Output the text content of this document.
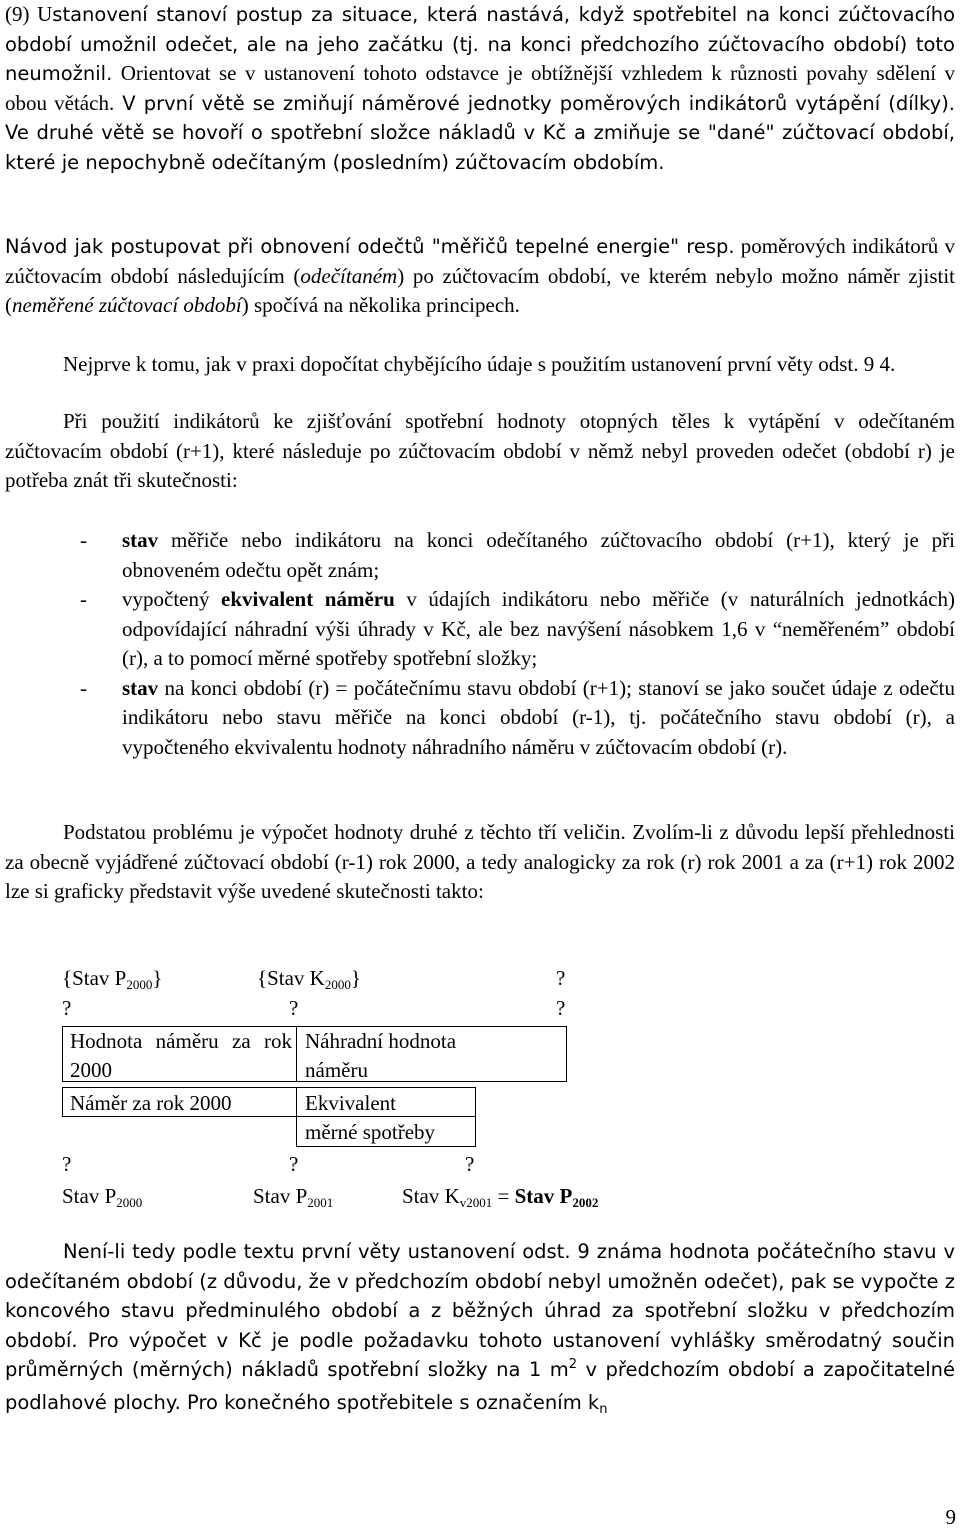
(9) Ustanovení stanoví postup za situace, která nastává, když spotřebitel na konci zúčtovacího období umožnil odečet, ale na jeho začátku (tj. na konci předchozího zúčtovacího období) toto neumožnil. Orientovat se v ustanovení tohoto odstavce je obtížnější vzhledem k různosti povahy sdělení v obou větách. V první větě se zmiňují náměrové jednotky poměrových indikátorů vytápění (dílky). Ve druhé větě se hovoří o spotřební složce nákladů v Kč a zmiňuje se "dané" zúčtovací období, které je nepochybně odečítaným (posledním) zúčtovacím obdobím.

Návod jak postupovat při obnovení odečtů "měřičů tepelné energie" resp. poměrových indikátorů v zúčtovacím období následujícím (odečítaném) po zúčtovacím období, ve kterém nebylo možno náměr zjistit (neměřené zúčtovací období) spočívá na několika principech.

Nejprve k tomu, jak v praxi dopočítat chybějícího údaje s použitím ustanovení první věty odst. 9 4.

Při použití indikátorů ke zjišťování spotřební hodnoty otopných těles k vytápění v odečítaném zúčtovacím období (r+1), které následuje po zúčtovacím období v němž nebyl proveden odečet (období r) je potřeba znát tři skutečnosti:

- stav měřiče nebo indikátoru na konci odečítaného zúčtovacího období (r+1), který je při obnoveném odečtu opět znám;
- vypočtený ekvivalent náměru v údajích indikátoru nebo měřiče (v naturálních jednotkách) odpovídající náhradní výši úhrady v Kč, ale bez navýšení násobkem 1,6 v “neměřeném” období (r), a to pomocí měrné spotřeby spotřební složky;
- stav na konci období (r) = počátečnímu stavu období (r+1); stanoví se jako součet údaje z odečtu indikátoru nebo stavu měřiče na konci období (r-1), tj. počátečního stavu období (r), a vypočteného ekvivalentu hodnoty náhradního náměru v zúčtovacím období (r).

Podstatou problému je výpočet hodnoty druhé z těchto tří veličin. Zvolím-li z důvodu lepší přehlednosti za obecně vyjádřené zúčtovací období (r-1) rok 2000, a tedy analogicky za rok (r) rok 2001 a za (r+1) rok 2002 lze si graficky představit výše uvedené skutečnosti takto:

{Stav P2000}	{Stav K2000}	?
?	?	?
Hodnota náměru za rok 2000
Náhradní hodnota
náměru
Náměr za rok 2000	Ekvivalent
měrné spotřeby
?	?	?
Stav P2000	Stav P2001	Stav Kv2001 = Stav P2002

Není-li tedy podle textu první věty ustanovení odst. 9 známa hodnota počátečního stavu v odečítaném období (z důvodu, že v předchozím období nebyl umožněn odečet), pak se vypočte z koncového stavu předminulého období a z běžných úhrad za spotřební složku v předchozím období. Pro výpočet v Kč je podle požadavku tohoto ustanovení vyhlášky směrodatný součin průměrných (měrných) nákladů spotřební složky na 1 $m^2$ v předchozím období a započitatelné podlahové plochy. Pro konečného spotřebitele s označením $k_n$

9
